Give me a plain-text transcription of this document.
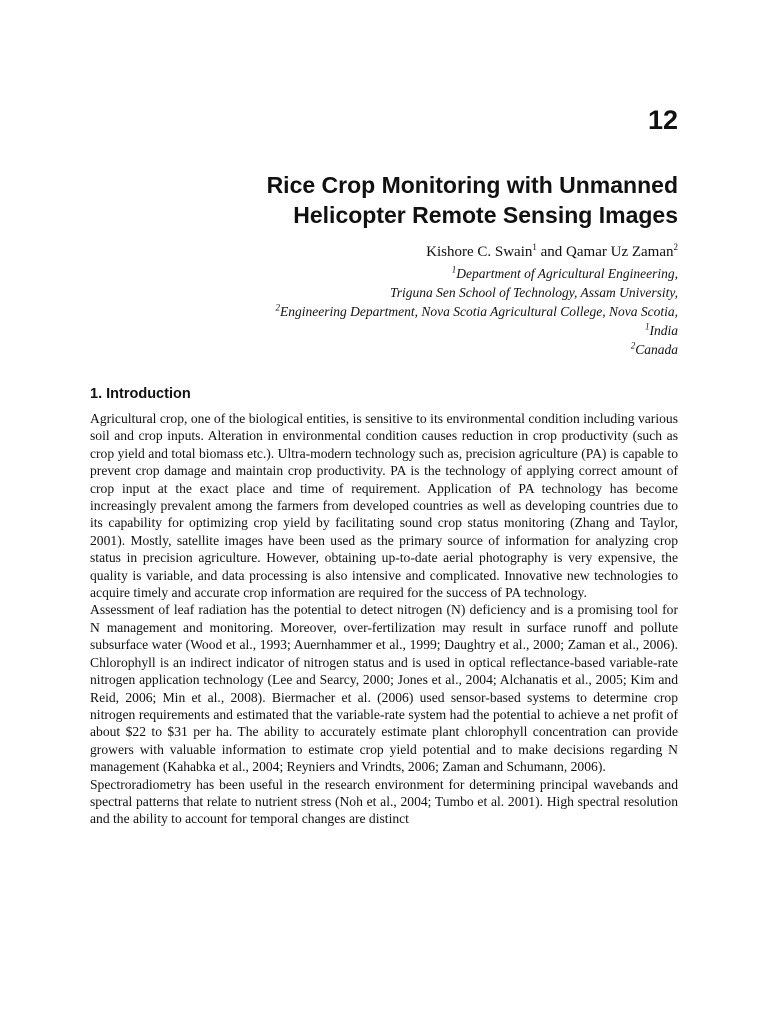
12
Rice Crop Monitoring with Unmanned
Helicopter Remote Sensing Images
Kishore C. Swain$^1$ and Qamar Uz Zaman$^2$
$^1$Department of Agricultural Engineering,
Triguna Sen School of Technology, Assam University,
$^2$Engineering Department, Nova Scotia Agricultural College, Nova Scotia,
$^1$India
$^2$Canada
1. Introduction

Agricultural crop, one of the biological entities, is sensitive to its environmental condition including various soil and crop inputs. Alteration in environmental condition causes reduction in crop productivity (such as crop yield and total biomass etc.). Ultra-modern technology such as, precision agriculture (PA) is capable to prevent crop damage and maintain crop productivity. PA is the technology of applying correct amount of crop input at the exact place and time of requirement. Application of PA technology has become increasingly prevalent among the farmers from developed countries as well as developing countries due to its capability for optimizing crop yield by facilitating sound crop status monitoring (Zhang and Taylor, 2001). Mostly, satellite images have been used as the primary source of information for analyzing crop status in precision agriculture. However, obtaining up-to-date aerial photography is very expensive, the quality is variable, and data processing is also intensive and complicated. Innovative new technologies to acquire timely and accurate crop information are required for the success of PA technology.

Assessment of leaf radiation has the potential to detect nitrogen (N) deficiency and is a promising tool for N management and monitoring. Moreover, over-fertilization may result in surface runoff and pollute subsurface water (Wood et al., 1993; Auernhammer et al., 1999; Daughtry et al., 2000; Zaman et al., 2006). Chlorophyll is an indirect indicator of nitrogen status and is used in optical reflectance-based variable-rate nitrogen application technology (Lee and Searcy, 2000; Jones et al., 2004; Alchanatis et al., 2005; Kim and Reid, 2006; Min et al., 2008). Biermacher et al. (2006) used sensor-based systems to determine crop nitrogen requirements and estimated that the variable-rate system had the potential to achieve a net profit of about $22 to $31 per ha. The ability to accurately estimate plant chlorophyll concentration can provide growers with valuable information to estimate crop yield potential and to make decisions regarding N management (Kahabka et al., 2004; Reyniers and Vrindts, 2006; Zaman and Schumann, 2006).

Spectroradiometry has been useful in the research environment for determining principal wavebands and spectral patterns that relate to nutrient stress (Noh et al., 2004; Tumbo et al. 2001). High spectral resolution and the ability to account for temporal changes are distinct
